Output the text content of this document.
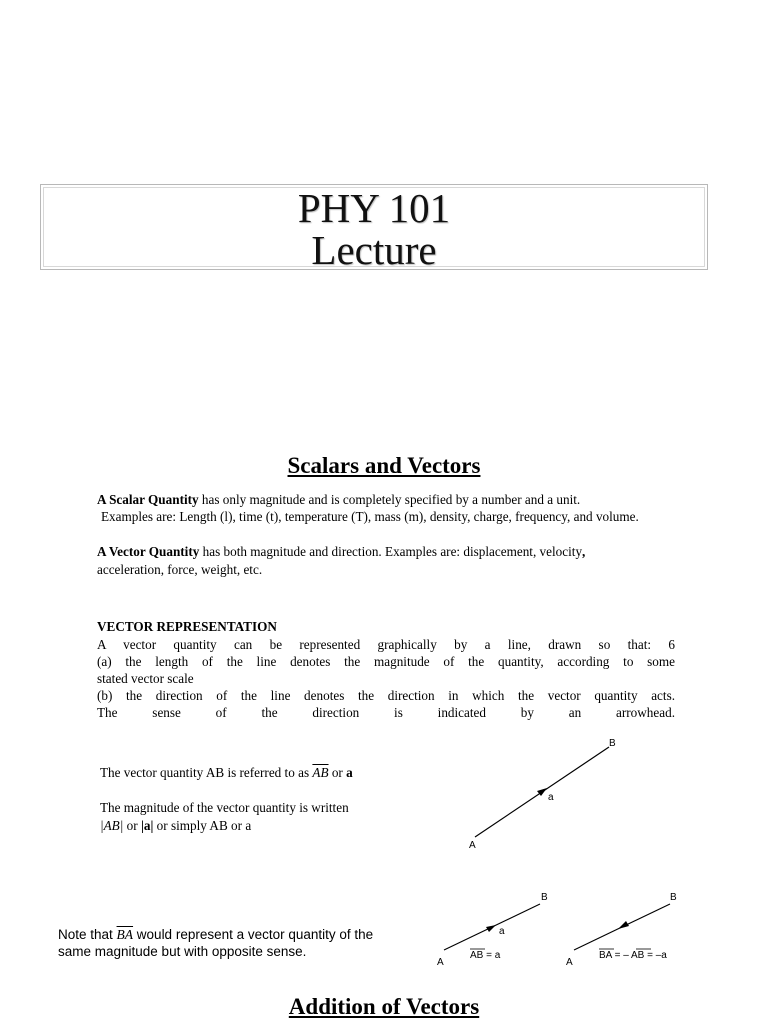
PHY 101
Lecture
Scalars and Vectors
A Scalar Quantity has only magnitude and is completely specified by a number and a unit.
Examples are: Length (l), time (t), temperature (T), mass (m), density, charge, frequency, and volume.
A Vector Quantity has both magnitude and direction. Examples are: displacement, velocity,
acceleration, force, weight, etc.
VECTOR REPRESENTATION
A vector quantity can be represented graphically by a line, drawn so that: 6
(a) the length of the line denotes the magnitude of the quantity, according to some
stated vector scale
(b) the direction of the line denotes the direction in which the vector quantity acts.
The sense of the direction is indicated by an arrowhead.
The vector quantity AB is referred to as $\overline{AB}$ or a
The magnitude of the vector quantity is written
|AB| or |a| or simply AB or a
A
B
a
Note that $\overline{BA}$ would represent a vector quantity of the
same magnitude but with opposite sense.
A
B
a
AB = a
A
B
BA = – AB = –a
Addition of Vectors
